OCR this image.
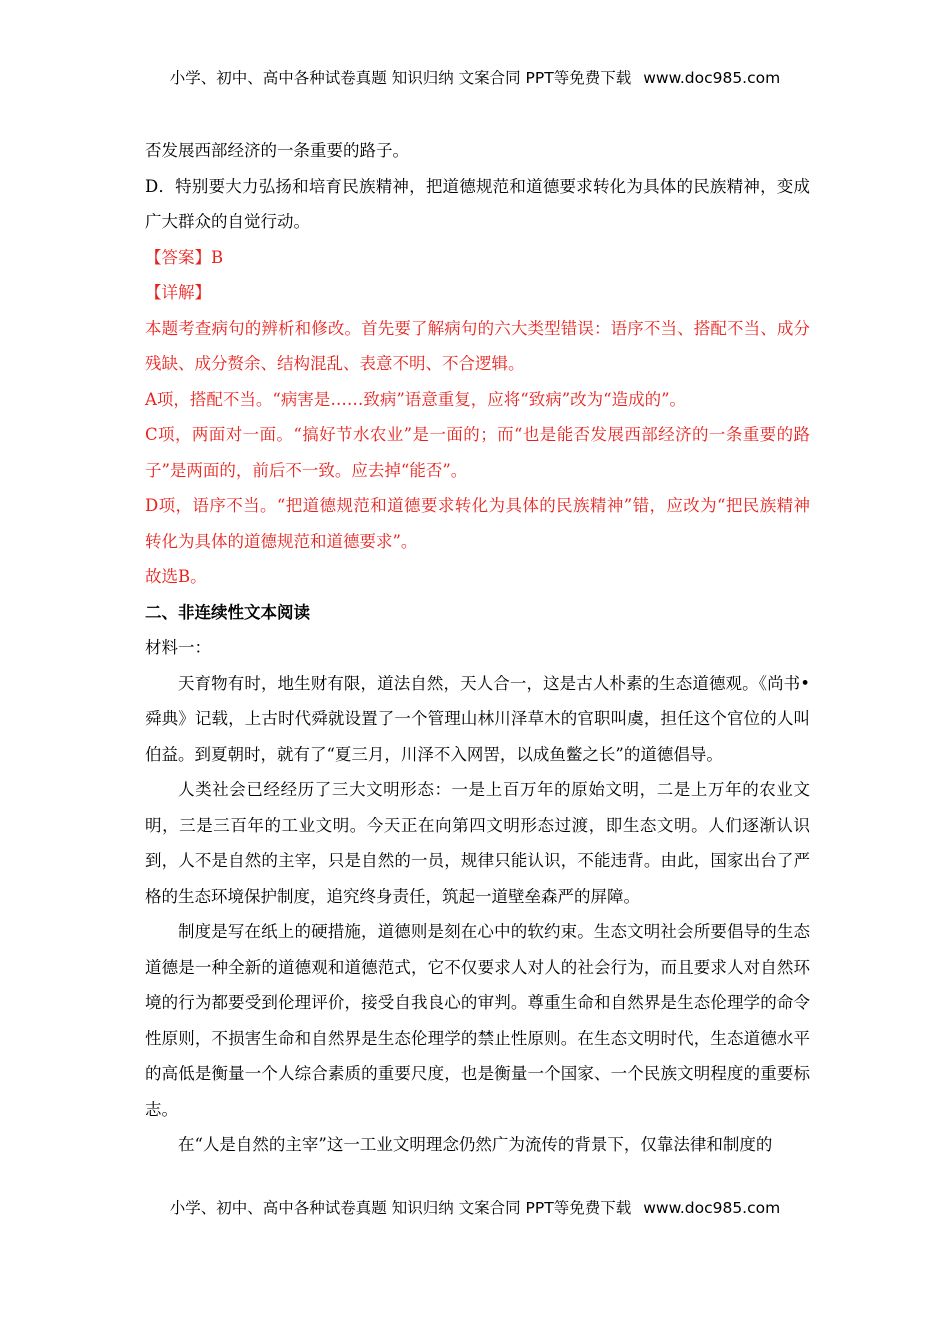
小学、初中、高中各种试卷真题 知识归纳 文案合同 PPT等免费下载 www.doc985.com

否发展西部经济的一条重要的路子。

D．特别要大力弘扬和培育民族精神，把道德规范和道德要求转化为具体的民族精神，变成广大群众的自觉行动。

【答案】B

【详解】

本题考查病句的辨析和修改。首先要了解病句的六大类型错误：语序不当、搭配不当、成分残缺、成分赘余、结构混乱、表意不明、不合逻辑。

A项，搭配不当。“病害是……致病”语意重复，应将“致病”改为“造成的”。

C项，两面对一面。“搞好节水农业”是一面的；而“也是能否发展西部经济的一条重要的路子”是两面的，前后不一致。应去掉“能否”。

D项，语序不当。“把道德规范和道德要求转化为具体的民族精神”错，应改为“把民族精神转化为具体的道德规范和道德要求”。

故选B。

二、非连续性文本阅读

材料一：

天育物有时，地生财有限，道法自然，天人合一，这是古人朴素的生态道德观。《尚书•舜典》记载，上古时代舜就设置了一个管理山林川泽草木的官职叫虞，担任这个官位的人叫伯益。到夏朝时，就有了“夏三月，川泽不入网罟，以成鱼鳖之长”的道德倡导。

人类社会已经经历了三大文明形态：一是上百万年的原始文明，二是上万年的农业文明，三是三百年的工业文明。今天正在向第四文明形态过渡，即生态文明。人们逐渐认识到，人不是自然的主宰，只是自然的一员，规律只能认识，不能违背。由此，国家出台了严格的生态环境保护制度，追究终身责任，筑起一道壁垒森严的屏障。

制度是写在纸上的硬措施，道德则是刻在心中的软约束。生态文明社会所要倡导的生态道德是一种全新的道德观和道德范式，它不仅要求人对人的社会行为，而且要求人对自然环境的行为都要受到伦理评价，接受自我良心的审判。尊重生命和自然界是生态伦理学的命令性原则，不损害生命和自然界是生态伦理学的禁止性原则。在生态文明时代，生态道德水平的高低是衡量一个人综合素质的重要尺度，也是衡量一个国家、一个民族文明程度的重要标志。

在“人是自然的主宰”这一工业文明理念仍然广为流传的背景下，仅靠法律和制度的

小学、初中、高中各种试卷真题 知识归纳 文案合同 PPT等免费下载 www.doc985.com
